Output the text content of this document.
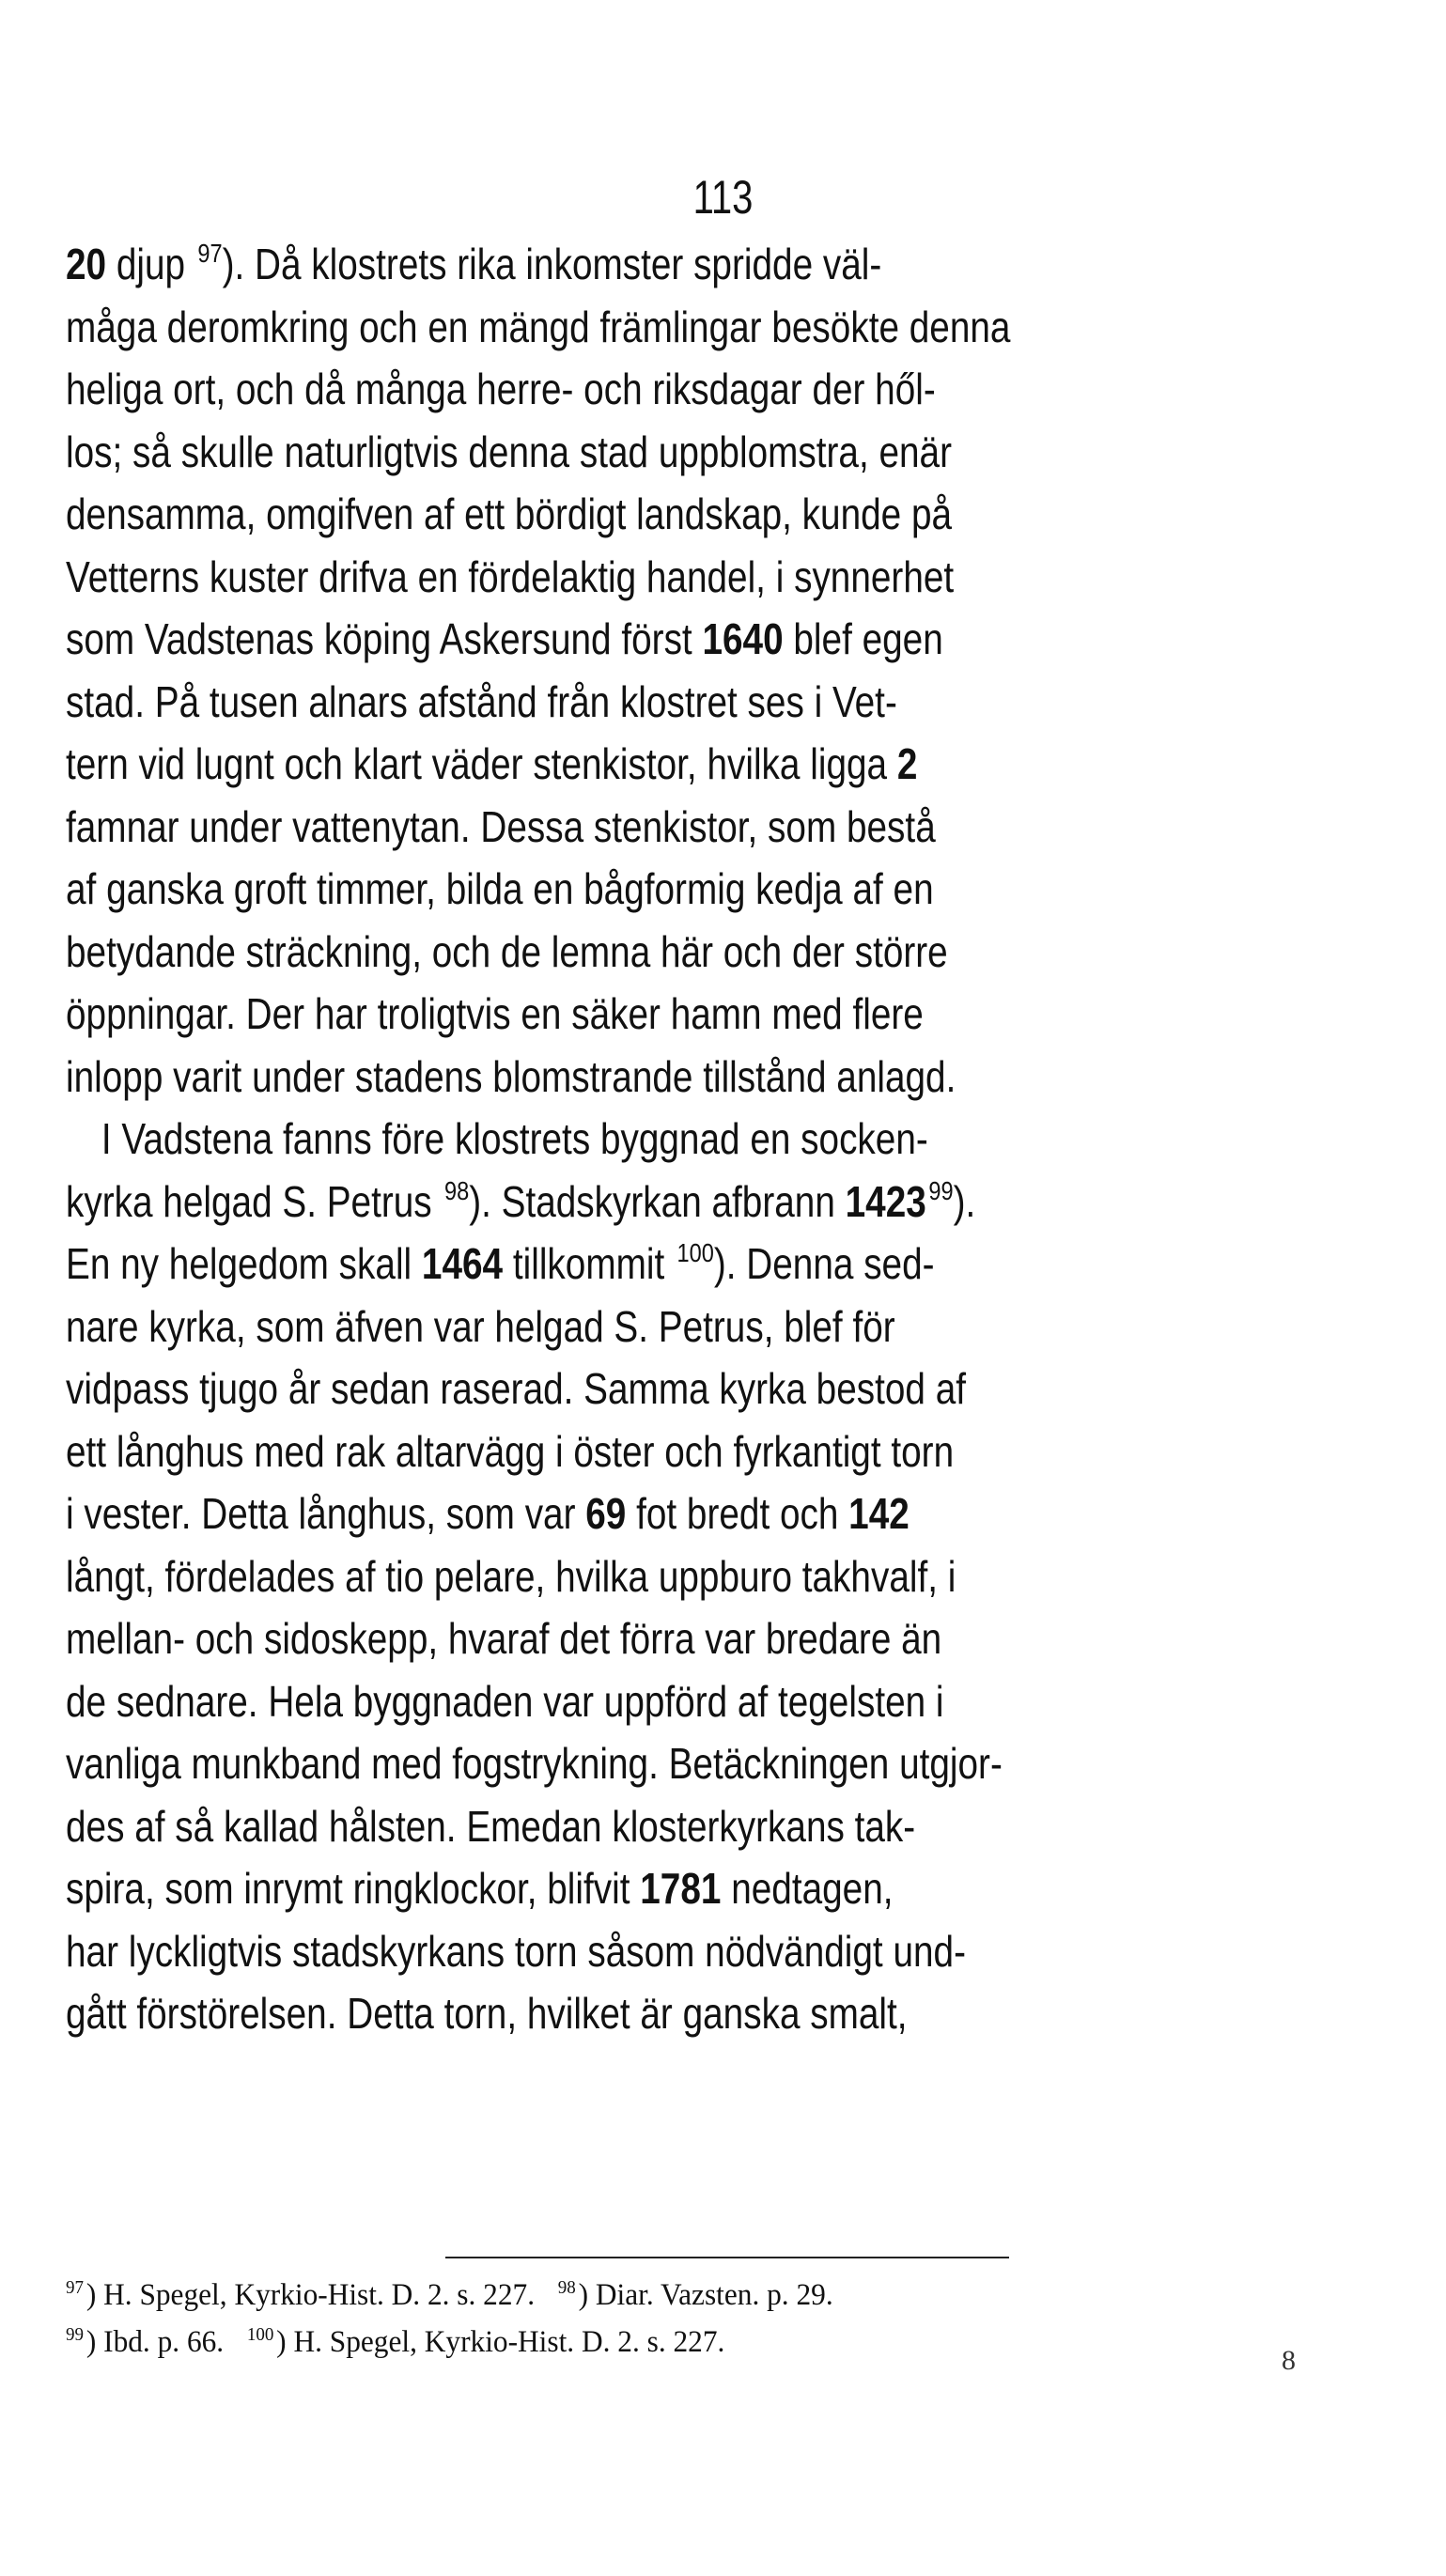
113
20 djup $^{97}$). Då klostrets rika inkomster spridde väl-
måga deromkring och en mängd främlingar besökte denna
heliga ort, och då många herre- och riksdagar der hől-
los; så skulle naturligtvis denna stad uppblomstra, enär
densamma, omgifven af ett bördigt landskap, kunde på
Vetterns kuster drifva en fördelaktig handel, i synnerhet
som Vadstenas köping Askersund först 1640 blef egen
stad. På tusen alnars afstånd från klostret ses i Vet-
tern vid lugnt och klart väder stenkistor, hvilka ligga 2
famnar under vattenytan. Dessa stenkistor, som bestå
af ganska groft timmer, bilda en bågformig kedja af en
betydande sträckning, och de lemna här och der större
öppningar. Der har troligtvis en säker hamn med flere
inlopp varit under stadens blomstrande tillstånd anlagd.
I Vadstena fanns före klostrets byggnad en socken-
kyrka helgad S. Petrus $^{98}$). Stadskyrkan afbrann 1423$^{99}$).
En ny helgedom skall 1464 tillkommit $^{100}$). Denna sed-
nare kyrka, som äfven var helgad S. Petrus, blef för
vidpass tjugo år sedan raserad. Samma kyrka bestod af
ett långhus med rak altarvägg i öster och fyrkantigt torn
i vester. Detta långhus, som var 69 fot bredt och 142
långt, fördelades af tio pelare, hvilka uppburo takhvalf, i
mellan- och sidoskepp, hvaraf det förra var bredare än
de sednare. Hela byggnaden var uppförd af tegelsten i
vanliga munkband med fogstrykning. Betäckningen utgjor-
des af så kallad hålsten. Emedan klosterkyrkans tak-
spira, som inrymt ringklockor, blifvit 1781 nedtagen,
har lyckligtvis stadskyrkans torn såsom nödvändigt und-
gått förstörelsen. Detta torn, hvilket är ganska smalt,
$^{97}$) H. Spegel, Kyrkio-Hist. D. 2. s. 227. $^{98}$) Diar. Vazsten. p. 29.
$^{99}$) Ibd. p. 66. $^{100}$) H. Spegel, Kyrkio-Hist. D. 2. s. 227.
8
